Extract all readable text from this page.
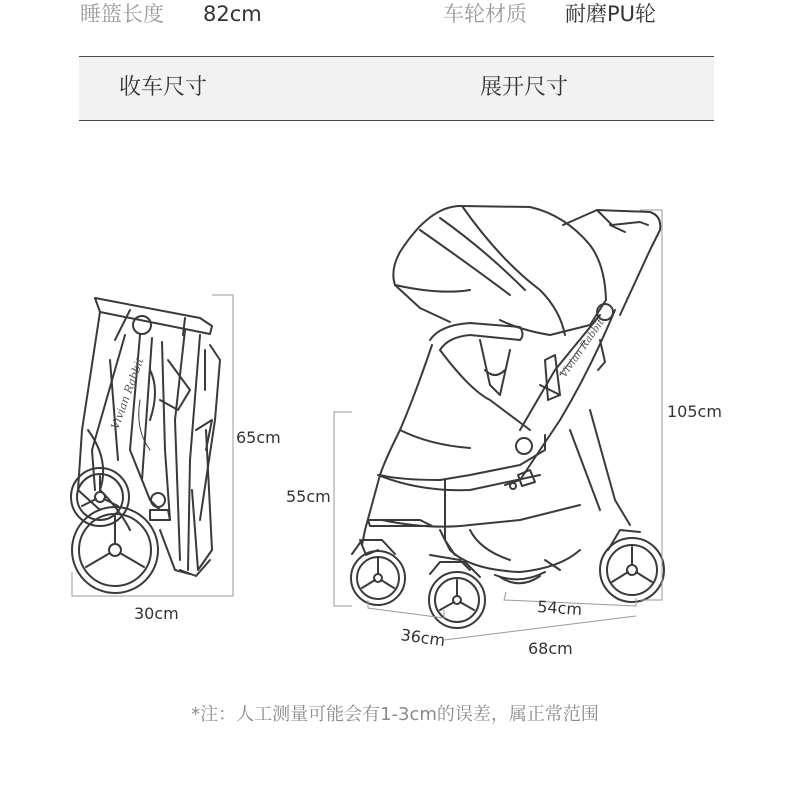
睡篮长度 82cm	车轮材质 耐磨PU轮
收车尺寸	展开尺寸
36cm
54cm
Vivian Rabbit
Vivian Rabbit
65cm
30cm
55cm
105cm
68cm
*注：人工测量可能会有1-3cm的误差，属正常范围
